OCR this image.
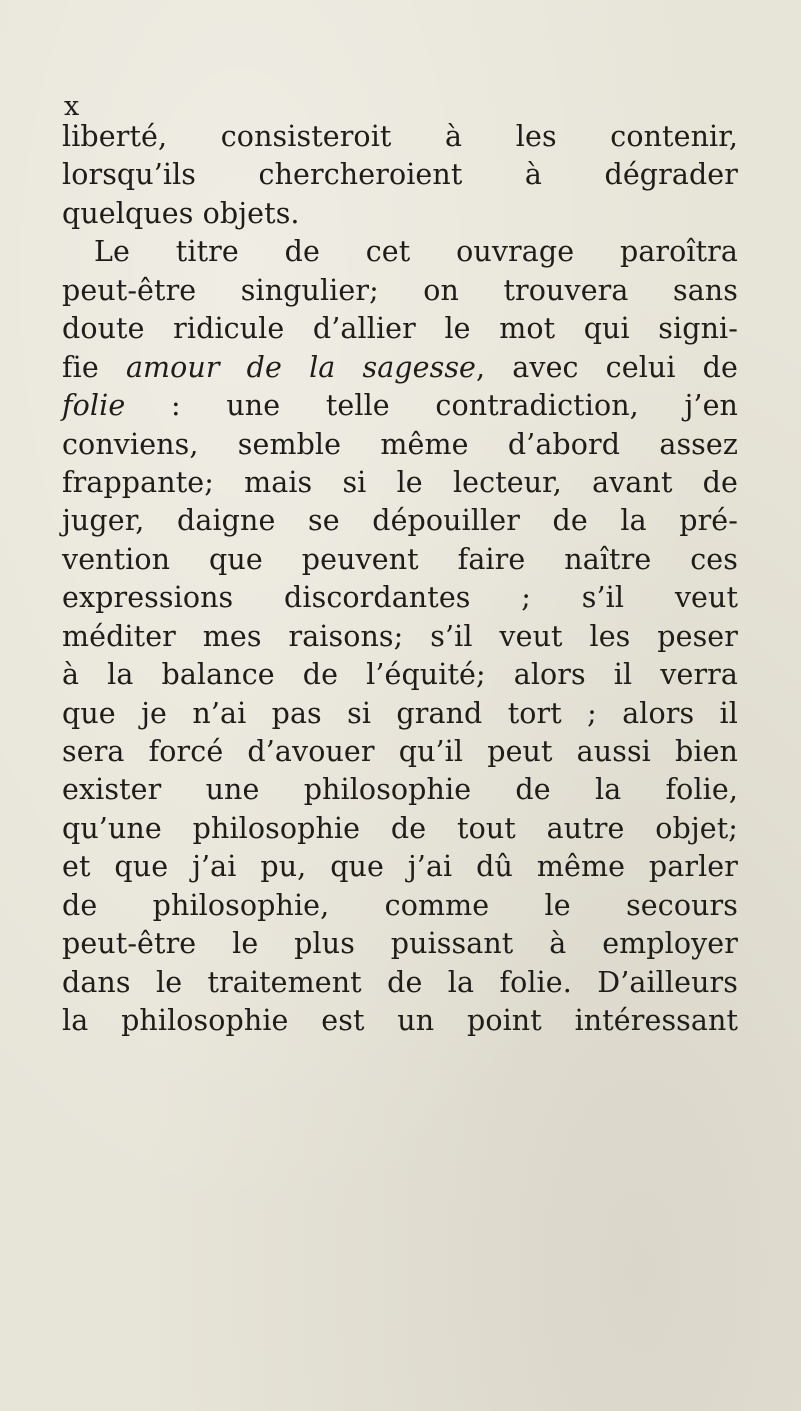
x
liberté, consisteroit à les contenir,
lorsqu’ils chercheroient à dégrader
quelques objets.
Le titre de cet ouvrage paroîtra
peut-être singulier; on trouvera sans
doute ridicule d’allier le mot qui signi-
fie amour de la sagesse, avec celui de
folie : une telle contradiction, j’en
conviens, semble même d’abord assez
frappante; mais si le lecteur, avant de
juger, daigne se dépouiller de la pré-
vention que peuvent faire naître ces
expressions discordantes ; s’il veut
méditer mes raisons; s’il veut les peser
à la balance de l’équité; alors il verra
que je n’ai pas si grand tort ; alors il
sera forcé d’avouer qu’il peut aussi bien
exister une philosophie de la folie,
qu’une philosophie de tout autre objet;
et que j’ai pu, que j’ai dû même parler
de philosophie, comme le secours
peut-être le plus puissant à employer
dans le traitement de la folie. D’ailleurs
la philosophie est un point intéressant
